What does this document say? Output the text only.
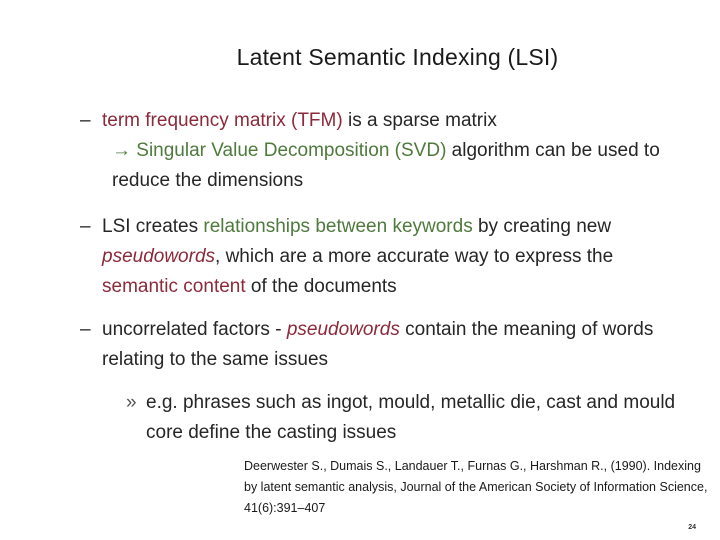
Latent Semantic Indexing (LSI)
– term frequency matrix (TFM) is a sparse matrix
→ Singular Value Decomposition (SVD) algorithm can be used to reduce the dimensions
– LSI creates relationships between keywords by creating new pseudowords, which are a more accurate way to express the semantic content of the documents
– uncorrelated factors - pseudowords contain the meaning of words relating to the same issues
» e.g. phrases such as ingot, mould, metallic die, cast and mould core define the casting issues
Deerwester S., Dumais S., Landauer T., Furnas G., Harshman R., (1990). Indexing by latent semantic analysis, Journal of the American Society of Information Science, 41(6):391–407
24
